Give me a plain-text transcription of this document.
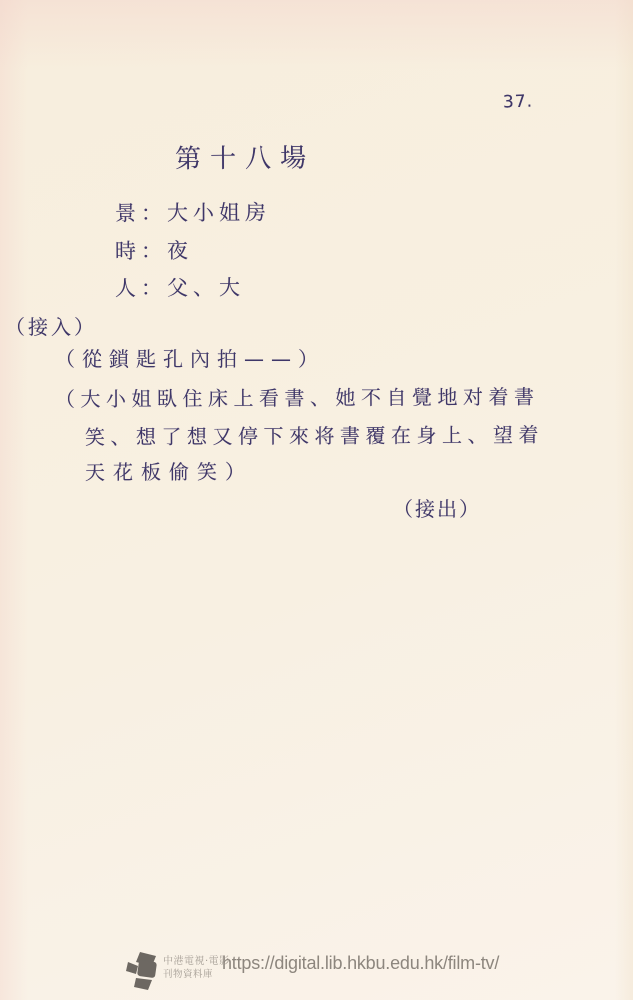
37.
第十八場
景：大小姐房
時：夜
人：父、大
（接入）
（從鎖匙孔內拍——）
（大小姐臥住床上看書、她不自覺地对着書
笑、想了想又停下來将書覆在身上、望着
天花板偷笑）
（接出）
中港電視·電影
刊物資料庫
https://digital.lib.hkbu.edu.hk/film-tv/
